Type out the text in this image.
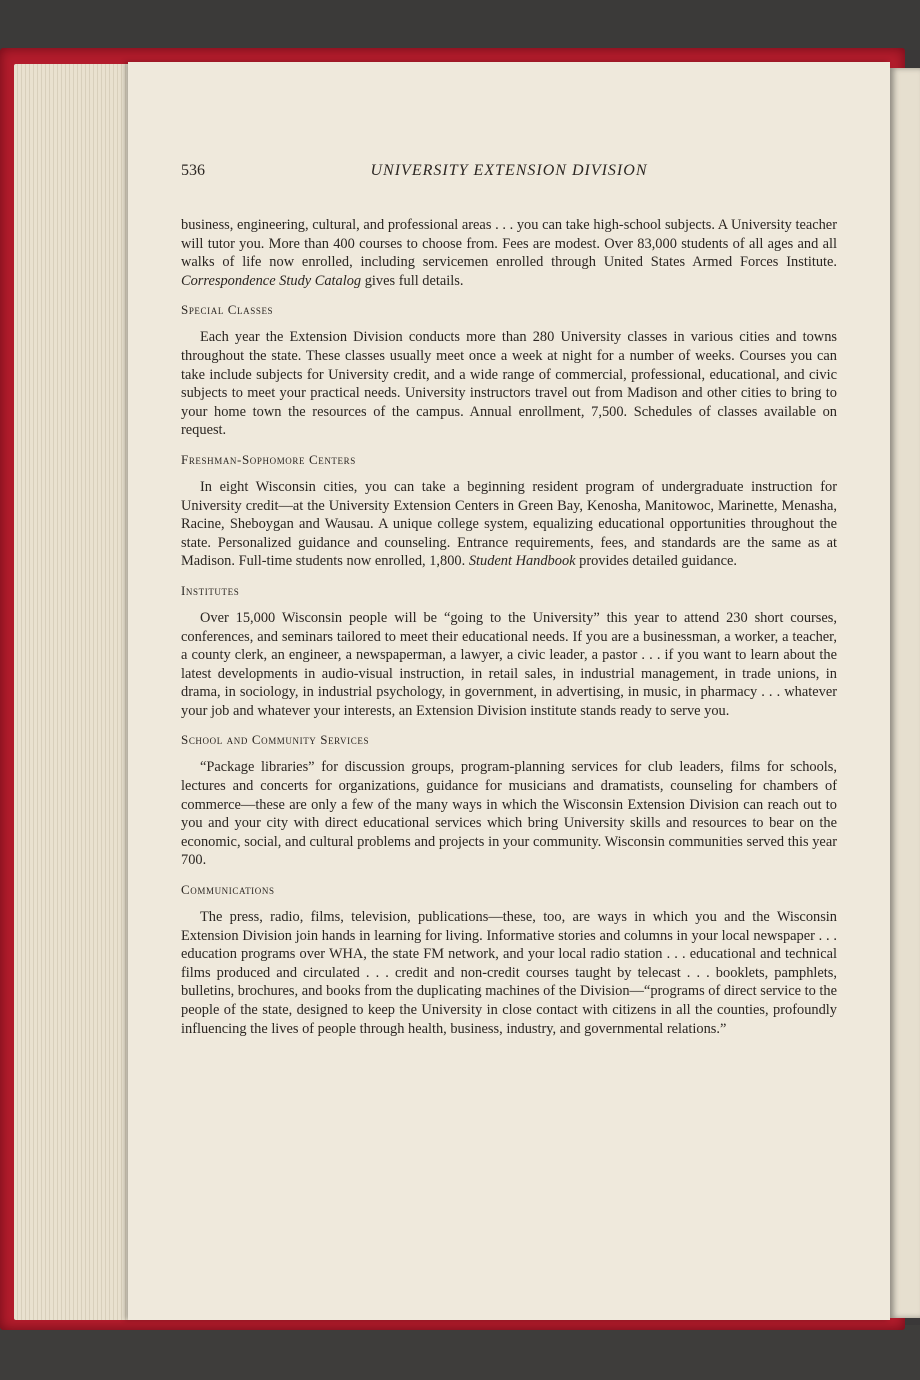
536	UNIVERSITY EXTENSION DIVISION

business, engineering, cultural, and professional areas . . . you can take high-school subjects. A University teacher will tutor you. More than 400 courses to choose from. Fees are modest. Over 83,000 students of all ages and all walks of life now enrolled, including servicemen enrolled through United States Armed Forces Institute. Correspondence Study Catalog gives full details.

Special Classes

Each year the Extension Division conducts more than 280 University classes in various cities and towns throughout the state. These classes usually meet once a week at night for a number of weeks. Courses you can take include subjects for University credit, and a wide range of commercial, professional, educational, and civic subjects to meet your practical needs. University instructors travel out from Madison and other cities to bring to your home town the resources of the campus. Annual enrollment, 7,500. Schedules of classes available on request.

Freshman-Sophomore Centers

In eight Wisconsin cities, you can take a beginning resident program of undergraduate instruction for University credit—at the University Extension Centers in Green Bay, Kenosha, Manitowoc, Marinette, Menasha, Racine, Sheboygan and Wausau. A unique college system, equalizing educational opportunities throughout the state. Personalized guidance and counseling. Entrance requirements, fees, and standards are the same as at Madison. Full-time students now enrolled, 1,800. Student Handbook provides detailed guidance.

Institutes

Over 15,000 Wisconsin people will be “going to the University” this year to attend 230 short courses, conferences, and seminars tailored to meet their educational needs. If you are a businessman, a worker, a teacher, a county clerk, an engineer, a newspaperman, a lawyer, a civic leader, a pastor . . . if you want to learn about the latest developments in audio-visual instruction, in retail sales, in industrial management, in trade unions, in drama, in sociology, in industrial psychology, in government, in advertising, in music, in pharmacy . . . whatever your job and whatever your interests, an Extension Division institute stands ready to serve you.

School and Community Services

“Package libraries” for discussion groups, program-planning services for club leaders, films for schools, lectures and concerts for organizations, guidance for musicians and dramatists, counseling for chambers of commerce—these are only a few of the many ways in which the Wisconsin Extension Division can reach out to you and your city with direct educational services which bring University skills and resources to bear on the economic, social, and cultural problems and projects in your community. Wisconsin communities served this year 700.

Communications

The press, radio, films, television, publications—these, too, are ways in which you and the Wisconsin Extension Division join hands in learning for living. Informative stories and columns in your local newspaper . . . education programs over WHA, the state FM network, and your local radio station . . . educational and technical films produced and circulated . . . credit and non-credit courses taught by telecast . . . booklets, pamphlets, bulletins, brochures, and books from the duplicating machines of the Division—“programs of direct service to the people of the state, designed to keep the University in close contact with citizens in all the counties, profoundly influencing the lives of people through health, business, industry, and governmental relations.”
